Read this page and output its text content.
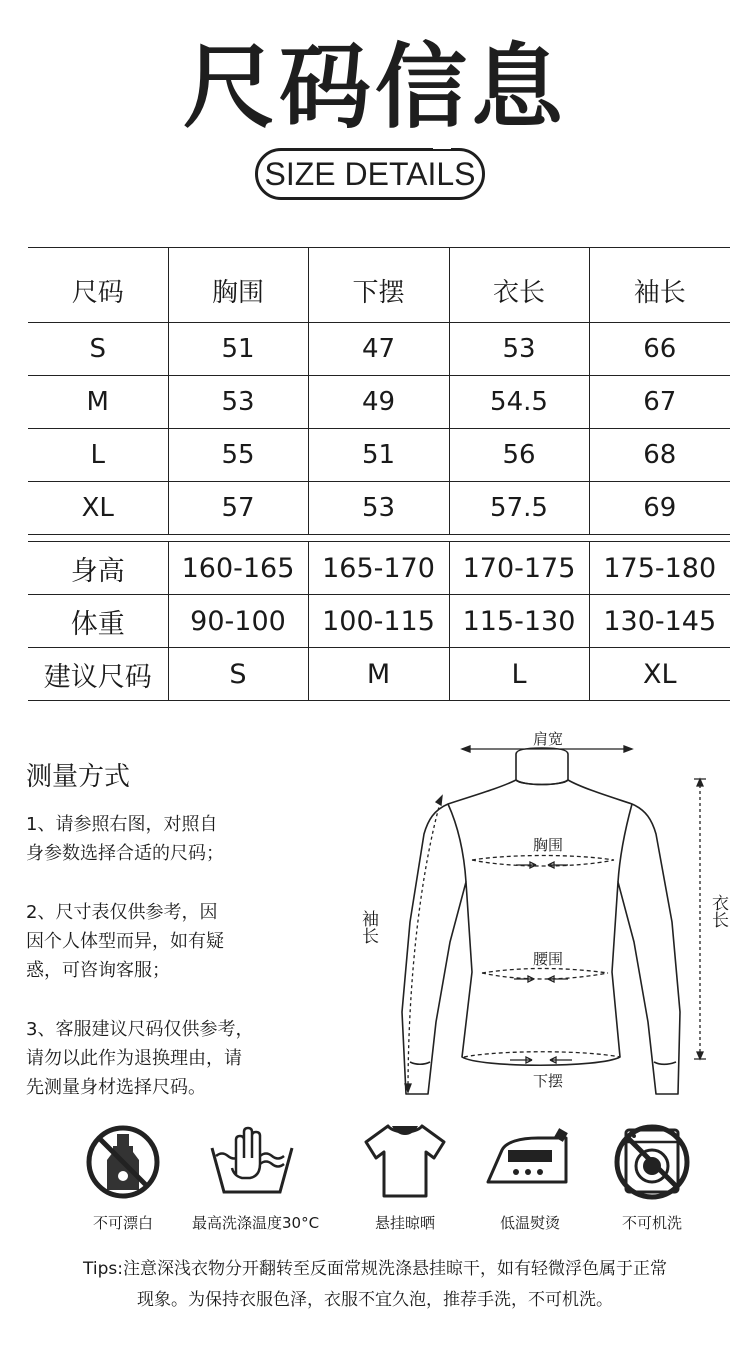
尺码信息
SIZE DETAILS
尺码	胸围	下摆	衣长	袖长
S	51	47	53	66
M	53	49	54.5	67
L	55	51	56	68
XL	57	53	57.5	69
身高	160-165	165-170	170-175	175-180
体重	90-100	100-115	115-130	130-145
建议尺码	S	M	L	XL
测量方式
1、请参照右图，对照自
身参数选择合适的尺码；
2、尺寸表仅供参考，因
因个人体型而异，如有疑
惑，可咨询客服；
3、客服建议尺码仅供参考，
请勿以此作为退换理由，请
先测量身材选择尺码。
肩宽
胸围
腰围
下摆
袖长	衣长
不可漂白	最高洗涤温度30°C	悬挂晾晒	低温熨烫	不可机洗
Tips:注意深浅衣物分开翻转至反面常规洗涤悬挂晾干，如有轻微浮色属于正常
现象。为保持衣服色泽，衣服不宜久泡，推荐手洗，不可机洗。
